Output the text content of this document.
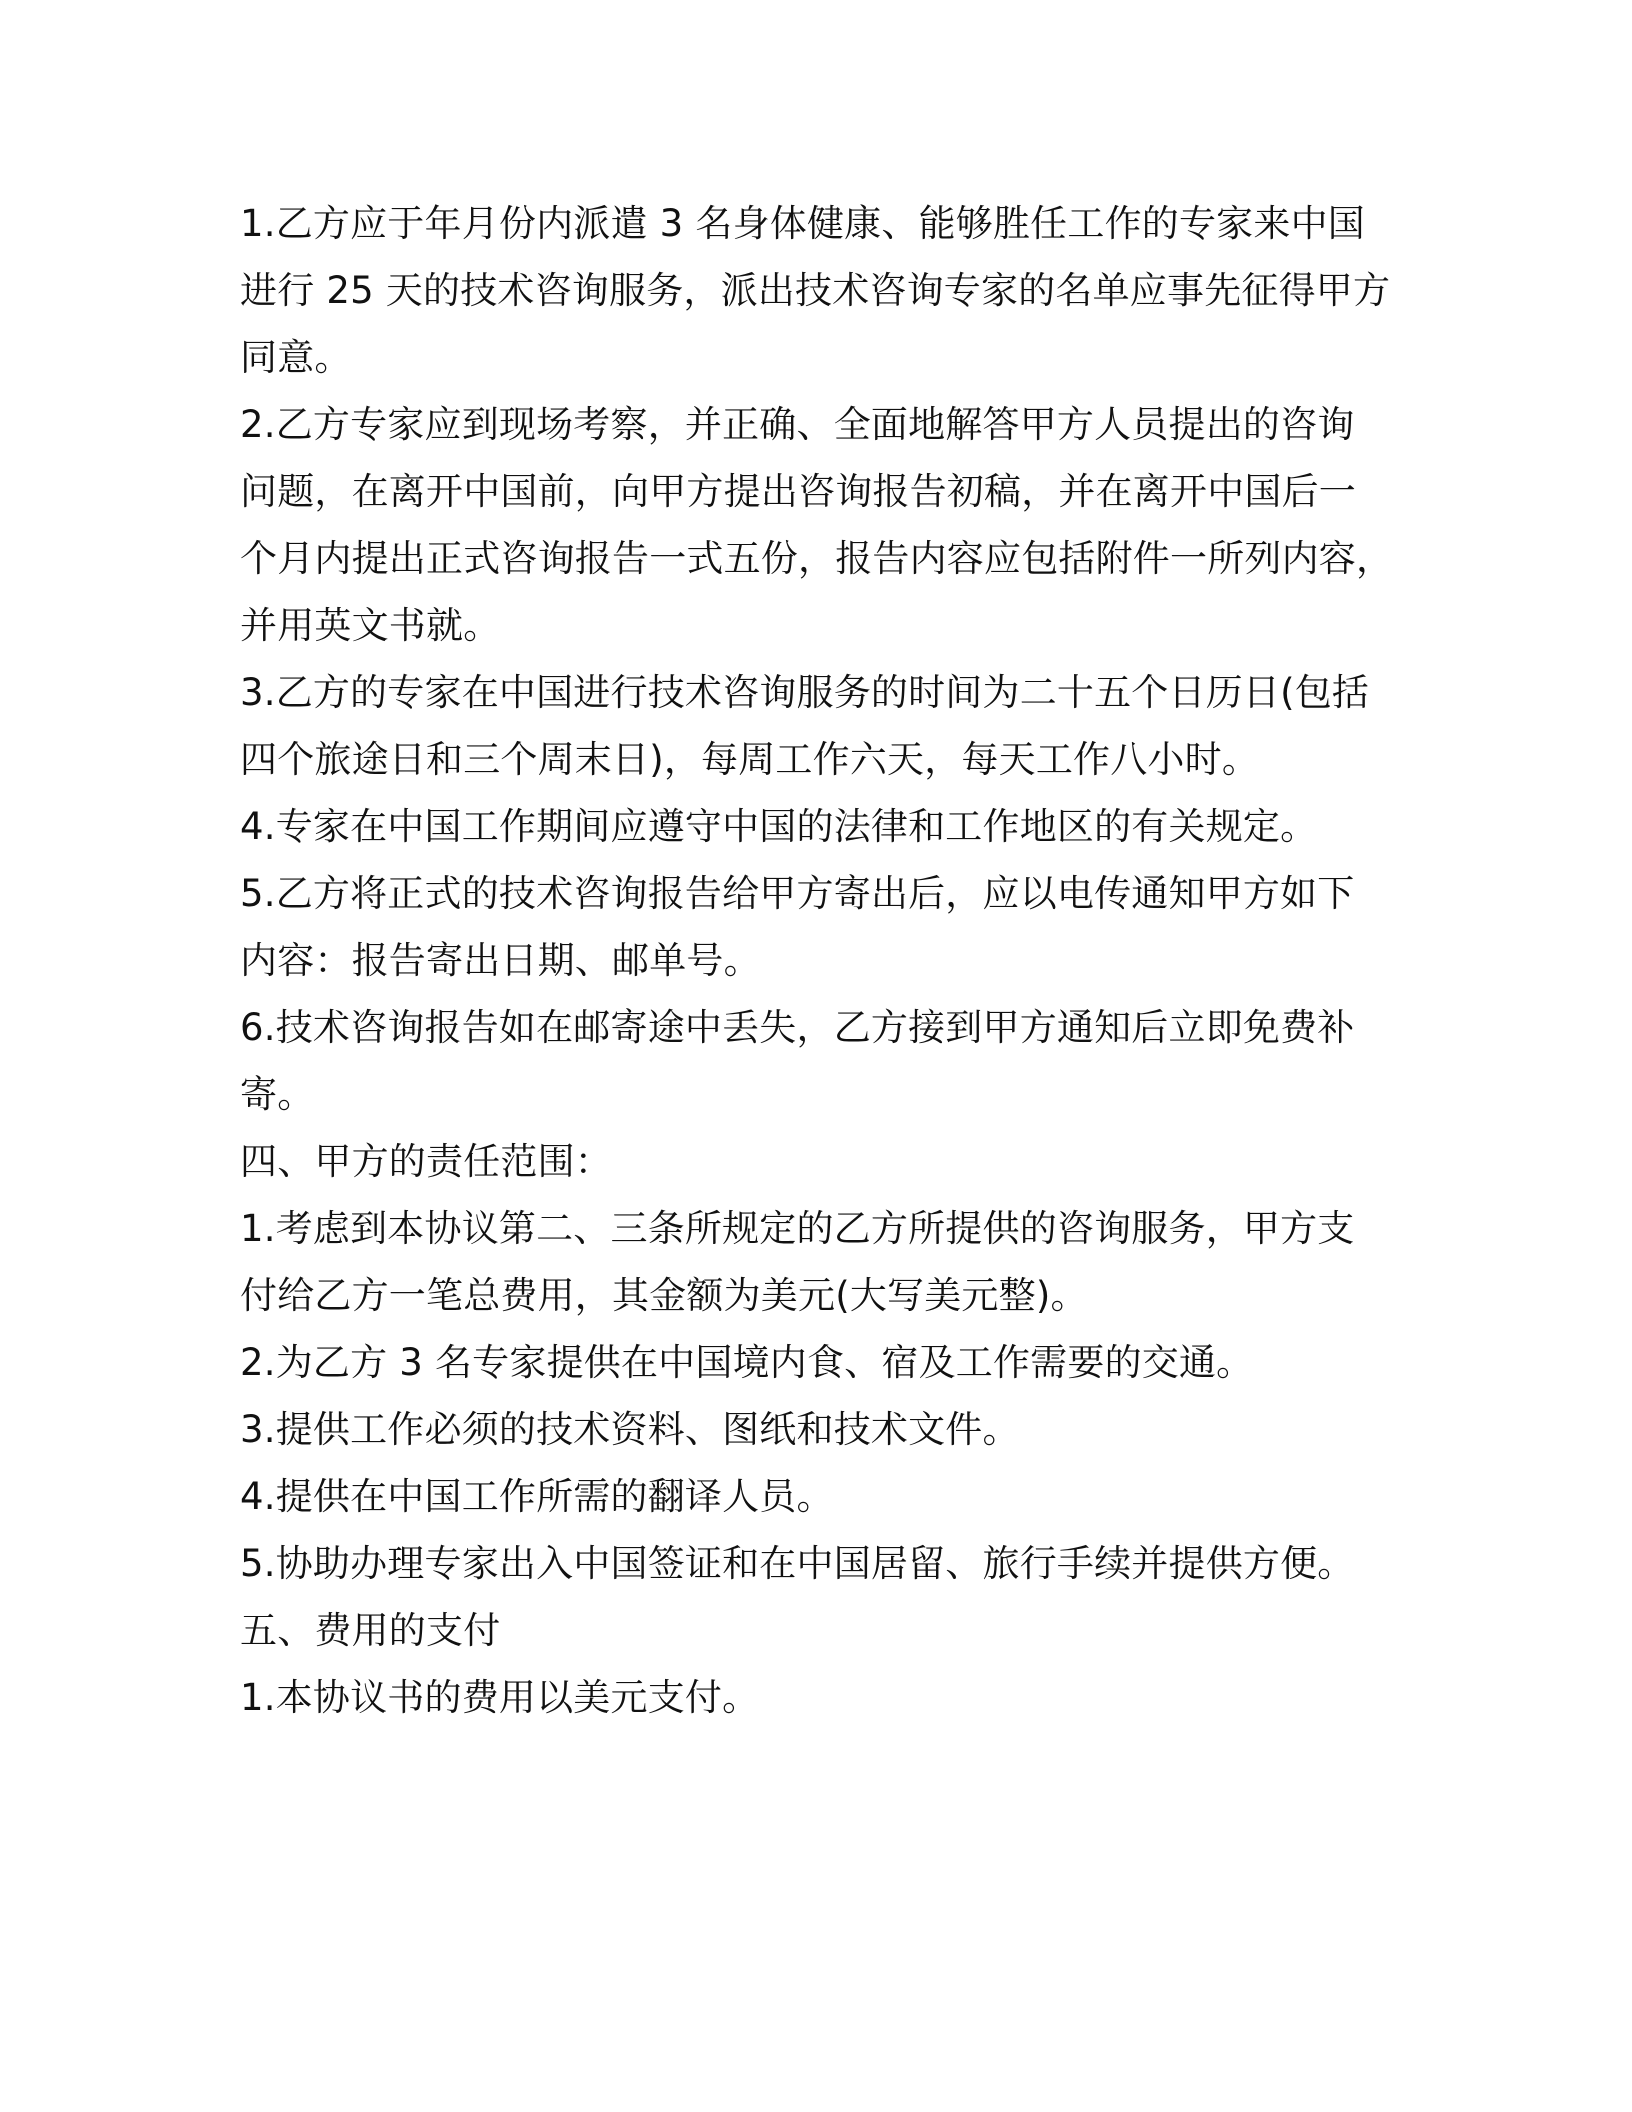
1.乙方应于年月份内派遣 3 名身体健康、能够胜任工作的专家来中国
进行 25 天的技术咨询服务，派出技术咨询专家的名单应事先征得甲方
同意。
2.乙方专家应到现场考察，并正确、全面地解答甲方人员提出的咨询
问题，在离开中国前，向甲方提出咨询报告初稿，并在离开中国后一
个月内提出正式咨询报告一式五份，报告内容应包括附件一所列内容，
并用英文书就。
3.乙方的专家在中国进行技术咨询服务的时间为二十五个日历日(包括
四个旅途日和三个周末日)，每周工作六天，每天工作八小时。
4.专家在中国工作期间应遵守中国的法律和工作地区的有关规定。
5.乙方将正式的技术咨询报告给甲方寄出后，应以电传通知甲方如下
内容：报告寄出日期、邮单号。
6.技术咨询报告如在邮寄途中丢失，乙方接到甲方通知后立即免费补
寄。
四、甲方的责任范围：
1.考虑到本协议第二、三条所规定的乙方所提供的咨询服务，甲方支
付给乙方一笔总费用，其金额为美元(大写美元整)。
2.为乙方 3 名专家提供在中国境内食、宿及工作需要的交通。
3.提供工作必须的技术资料、图纸和技术文件。
4.提供在中国工作所需的翻译人员。
5.协助办理专家出入中国签证和在中国居留、旅行手续并提供方便。
五、费用的支付
1.本协议书的费用以美元支付。
